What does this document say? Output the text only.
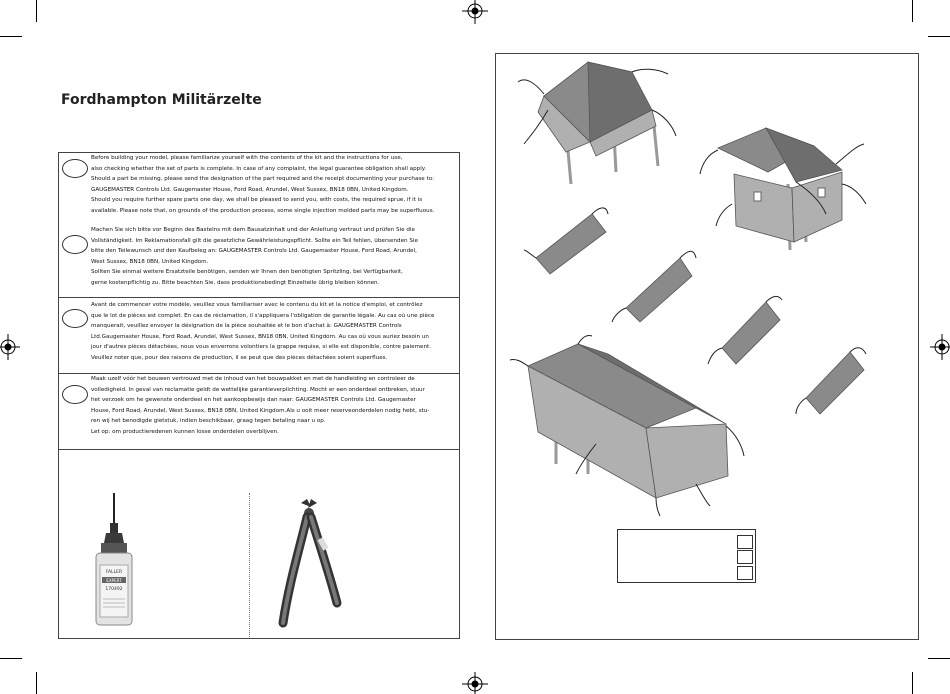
Fordhampton Militärzelte

Before building your model, please familiarize yourself with the contents of the kit and the instructions for use,

also checking whether the set of parts is complete. In case of any complaint, the legal guarantee obligation shall apply.

Should a part be missing, please send the designation of the part required and the receipt documenting your purchase to:

GAUGEMASTER Controls Ltd. Gaugemaster House, Ford Road, Arundel, West Sussex, BN18 0BN, United Kingdom.

Should you require further spare parts one day, we shall be pleased to send you, with costs, the required sprue, if it is

available. Please note that, on grounds of the production process, some single injection molded parts may be superfluous.

Machen Sie sich bitte vor Beginn des Bastelns mit dem Bausatzinhalt und der Anleitung vertraut und prüfen Sie die

Vollständigkeit. Im Reklamationsfall gilt die gesetzliche Gewährleistungspflicht. Sollte ein Teil fehlen, übersenden Sie

bitte den Teilewunsch und den Kaufbeleg an: GAUGEMASTER Controls Ltd. Gaugemaster House, Ford Road, Arundel,

West Sussex, BN18 0BN, United Kingdom.

Sollten Sie einmal weitere Ersatzteile benötigen, senden wir Ihnen den benötigten Spritzling, bei Verfügbarkeit,

gerne kostenpflichtig zu. Bitte beachten Sie, dass produktionsbedingt Einzelteile übrig bleiben können.

Avant de commencer votre modèle, veuillez vous familiariser avec le contenu du kit et la notice d'emploi, et contrôlez

que le lot de pièces est complet. En cas de réclamation, il s'appliquera l'obligation de garantie légale. Au cas où une pièce

manquerait, veuillez envoyer la désignation de la pièce souhaitée et le bon d'achat à: GAUGEMASTER Controls

Ltd.Gaugemaster House, Ford Road, Arundel, West Sussex, BN18 0BN, United Kingdom. Au cas où vous auriez besoin un

jour d'autres pièces détachées, nous vous enverrons volontiers la grappe requise, si elle est disponible, contre paiement.

Veuillez noter que, pour des raisons de production, il se peut que des pièces détachées soient superflues.

Maak uzelf vóór het bouwen vertrouwd met de inhoud van het bouwpakket en met de handleiding en controleer de

volledigheid. In geval van reclamatie geldt de wettelijke garantieverplichting. Mocht er een onderdeel ontbreken, stuur

het verzoek om he gewenste onderdeel en het aankoopbewijs dan naar: GAUGEMASTER Controls Ltd. Gaugemaster

House, Ford Road, Arundel, West Sussex, BN18 0BN, United Kingdom.Als u ooit meer reserveonderdelen nodig hebt, stu-

ren wij het benodigde gietstuk, indien beschikbaar, graag tegen betaling naar u op.

Let op: om productieredenen kunnen losse onderdelen overblijven.

FALLER
EXPERT
170492
